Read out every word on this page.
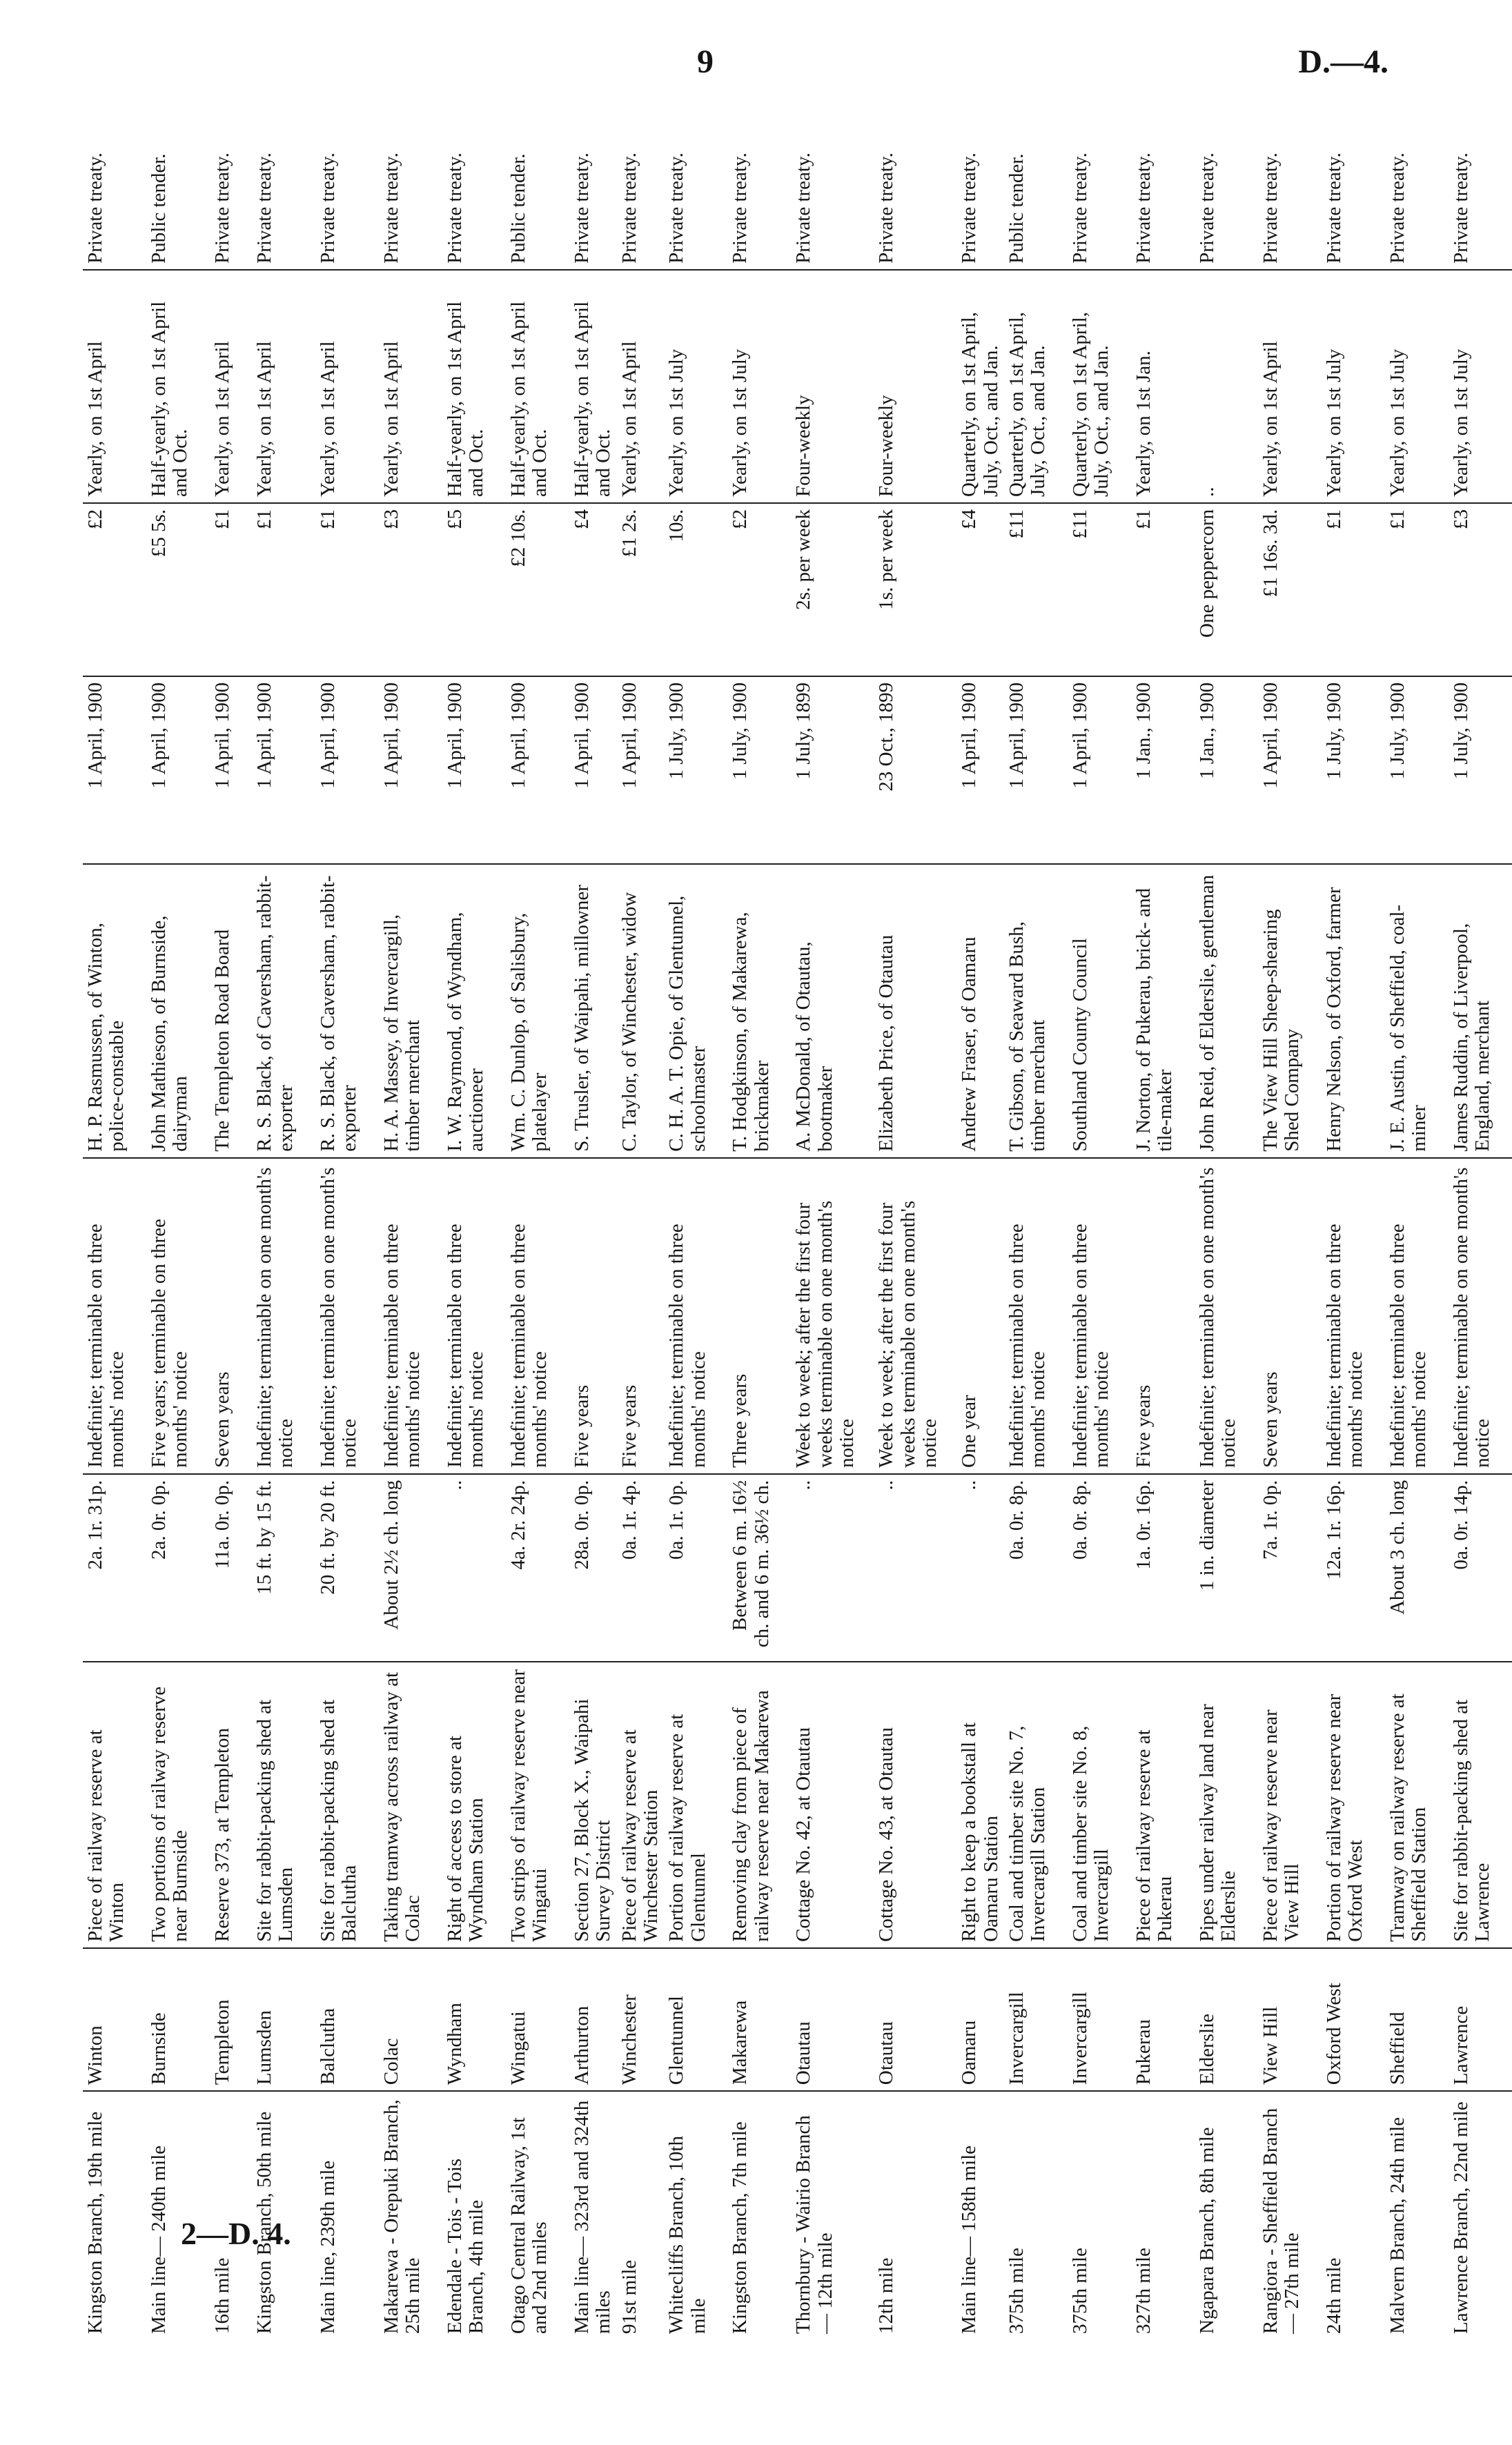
9	D.—4.
Kingston Branch, 19th mile	Winton	Piece of railway reserve at Winton	2a. 1r. 31p.	Indefinite; terminable on three months' notice	H. P. Rasmussen, of Winton, police-constable	1 April, 1900	£2	Yearly, on 1st April	Private treaty.
Main line— 240th mile	Burnside	Two portions of railway reserve near Burnside	2a. 0r. 0p.	Five years; terminable on three months' notice	John Mathieson, of Burnside, dairyman	1 April, 1900	£5 5s.	Half-yearly, on 1st April and Oct.	Public tender.
16th mile	Templeton	Reserve 373, at Templeton	11a. 0r. 0p.	Seven years	The Templeton Road Board	1 April, 1900	£1	Yearly, on 1st April	Private treaty.
Kingston Branch, 50th mile	Lumsden	Site for rabbit-packing shed at Lumsden	15 ft. by 15 ft.	Indefinite; terminable on one month's notice	R. S. Black, of Caversham, rabbit-exporter	1 April, 1900	£1	Yearly, on 1st April	Private treaty.
Main line, 239th mile	Balclutha	Site for rabbit-packing shed at Balclutha	20 ft. by 20 ft.	Indefinite; terminable on one month's notice	R. S. Black, of Caversham, rabbit-exporter	1 April, 1900	£1	Yearly, on 1st April	Private treaty.
Makarewa - Orepuki Branch, 25th mile	Colac	Taking tramway across railway at Colac	About 2½ ch. long	Indefinite; terminable on three months' notice	H. A. Massey, of Invercargill, timber merchant	1 April, 1900	£3	Yearly, on 1st April	Private treaty.
Edendale - Tois - Tois Branch, 4th mile	Wyndham	Right of access to store at Wyndham Station	..	Indefinite; terminable on three months' notice	I. W. Raymond, of Wyndham, auctioneer	1 April, 1900	£5	Half-yearly, on 1st April and Oct.	Private treaty.
Otago Central Railway, 1st and 2nd miles	Wingatui	Two strips of railway reserve near Wingatui	4a. 2r. 24p.	Indefinite; terminable on three months' notice	Wm. C. Dunlop, of Salisbury, platelayer	1 April, 1900	£2 10s.	Half-yearly, on 1st April and Oct.	Public tender.
Main line— 323rd and 324th miles	Arthurton	Section 27, Block X., Waipahi Survey District	28a. 0r. 0p.	Five years	S. Trusler, of Waipahi, millowner	1 April, 1900	£4	Half-yearly, on 1st April and Oct.	Private treaty.
91st mile	Winchester	Piece of railway reserve at Winchester Station	0a. 1r. 4p.	Five years	C. Taylor, of Winchester, widow	1 April, 1900	£1 2s.	Yearly, on 1st April	Private treaty.
Whitecliffs Branch, 10th mile	Glentunnel	Portion of railway reserve at Glentunnel	0a. 1r. 0p.	Indefinite; terminable on three months' notice	C. H. A. T. Opie, of Glentunnel, schoolmaster	1 July, 1900	10s.	Yearly, on 1st July	Private treaty.
Kingston Branch, 7th mile	Makarewa	Removing clay from piece of railway reserve near Makarewa	Between 6 m. 16½ ch. and 6 m. 36½ ch.	Three years	T. Hodgkinson, of Makarewa, brickmaker	1 July, 1900	£2	Yearly, on 1st July	Private treaty.
Thornbury - Wairio Branch— 12th mile	Otautau	Cottage No. 42, at Otautau	..	Week to week; after the first four weeks terminable on one month's notice	A. McDonald, of Otautau, bootmaker	1 July, 1899	2s. per week	Four-weekly	Private treaty.
12th mile	Otautau	Cottage No. 43, at Otautau	..	Week to week; after the first four weeks terminable on one month's notice	Elizabeth Price, of Otautau	23 Oct., 1899	1s. per week	Four-weekly	Private treaty.
Main line— 158th mile	Oamaru	Right to keep a bookstall at Oamaru Station	..	One year	Andrew Fraser, of Oamaru	1 April, 1900	£4	Quarterly, on 1st April, July, Oct., and Jan.	Private treaty.
375th mile	Invercargill	Coal and timber site No. 7, Invercargill Station	0a. 0r. 8p.	Indefinite; terminable on three months' notice	T. Gibson, of Seaward Bush, timber merchant	1 April, 1900	£11	Quarterly, on 1st April, July, Oct., and Jan.	Public tender.
375th mile	Invercargill	Coal and timber site No. 8, Invercargill	0a. 0r. 8p.	Indefinite; terminable on three months' notice	Southland County Council	1 April, 1900	£11	Quarterly, on 1st April, July, Oct., and Jan.	Private treaty.
327th mile	Pukerau	Piece of railway reserve at Pukerau	1a. 0r. 16p.	Five years	J. Norton, of Pukerau, brick- and tile-maker	1 Jan., 1900	£1	Yearly, on 1st Jan.	Private treaty.
Ngapara Branch, 8th mile	Elderslie	Pipes under railway land near Elderslie	1 in. diameter	Indefinite; terminable on one month's notice	John Reid, of Elderslie, gentleman	1 Jan., 1900	One peppercorn	..	Private treaty.
Rangiora - Sheffield Branch— 27th mile	View Hill	Piece of railway reserve near View Hill	7a. 1r. 0p.	Seven years	The View Hill Sheep-shearing Shed Company	1 April, 1900	£1 16s. 3d.	Yearly, on 1st April	Private treaty.
24th mile	Oxford West	Portion of railway reserve near Oxford West	12a. 1r. 16p.	Indefinite; terminable on three months' notice	Henry Nelson, of Oxford, farmer	1 July, 1900	£1	Yearly, on 1st July	Private treaty.
Malvern Branch, 24th mile	Sheffield	Tramway on railway reserve at Sheffield Station	About 3 ch. long	Indefinite; terminable on three months' notice	J. E. Austin, of Sheffield, coal-miner	1 July, 1900	£1	Yearly, on 1st July	Private treaty.
Lawrence Branch, 22nd mile	Lawrence	Site for rabbit-packing shed at Lawrence	0a. 0r. 14p.	Indefinite; terminable on one month's notice	James Ruddin, of Liverpool, England, merchant	1 July, 1900	£3	Yearly, on 1st July	Private treaty.
2—D. 4.
